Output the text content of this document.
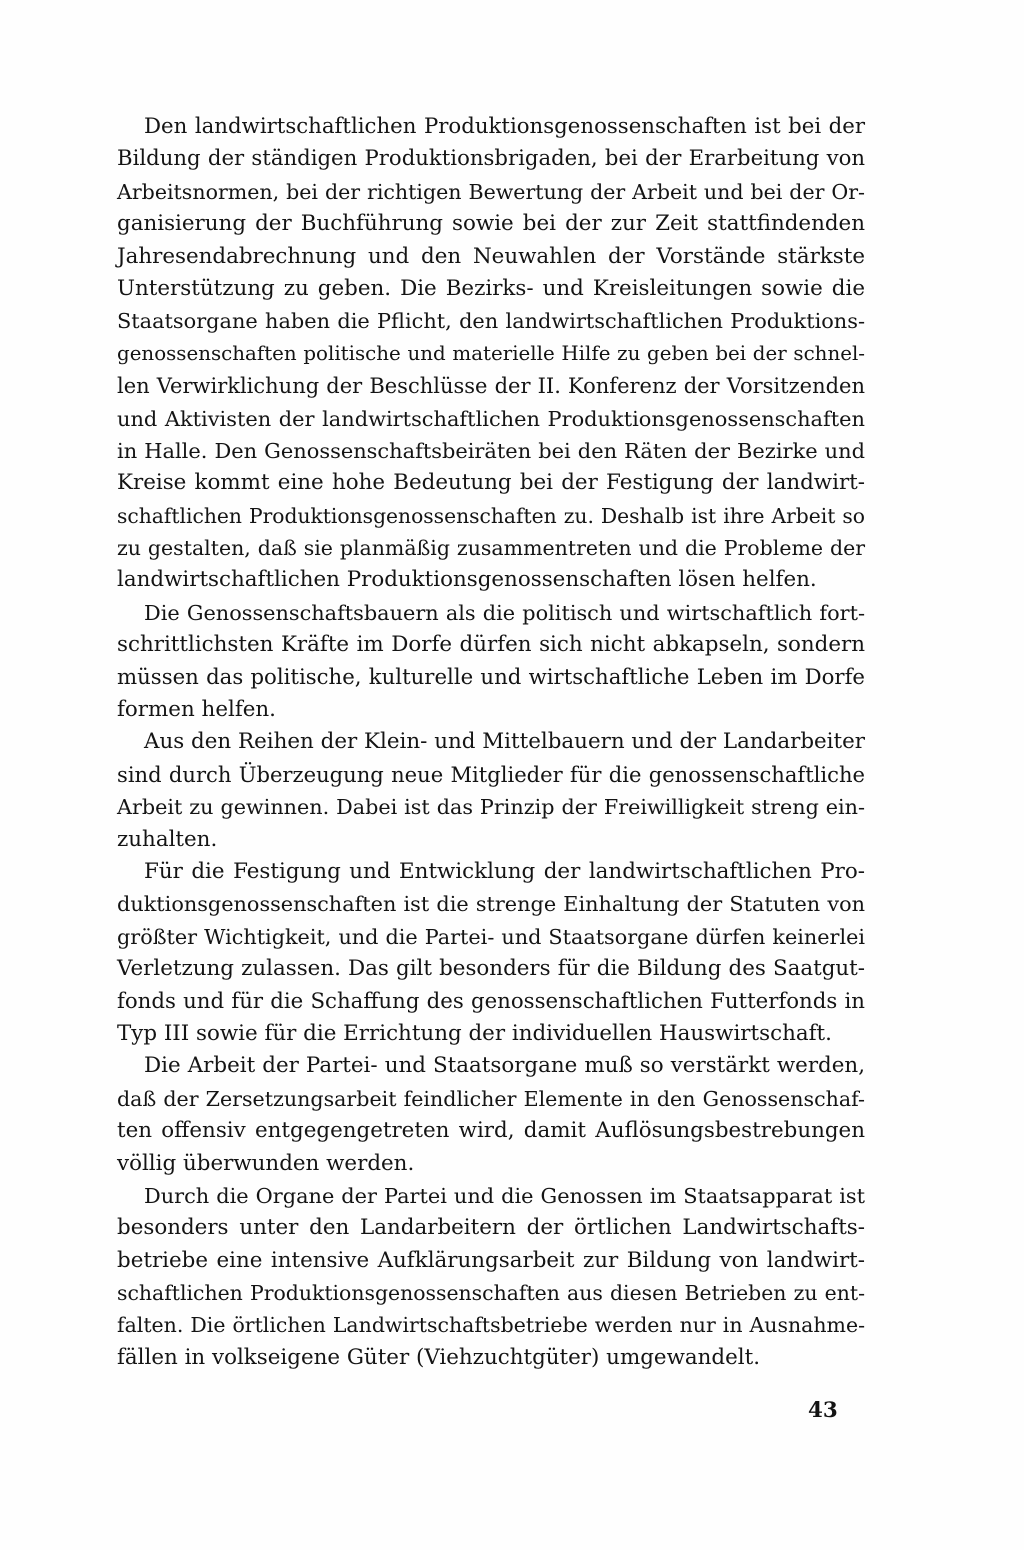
Den landwirtschaftlichen Produktionsgenossenschaften ist bei der
Bildung der ständigen Produktionsbrigaden, bei der Erarbeitung von
Arbeitsnormen, bei der richtigen Bewertung der Arbeit und bei der Or-
ganisierung der Buchführung sowie bei der zur Zeit stattfindenden
Jahresendabrechnung und den Neuwahlen der Vorstände stärkste
Unterstützung zu geben. Die Bezirks- und Kreisleitungen sowie die
Staatsorgane haben die Pflicht, den landwirtschaftlichen Produktions-
genossenschaften politische und materielle Hilfe zu geben bei der schnel-
len Verwirklichung der Beschlüsse der II. Konferenz der Vorsitzenden
und Aktivisten der landwirtschaftlichen Produktionsgenossenschaften
in Halle. Den Genossenschaftsbeiräten bei den Räten der Bezirke und
Kreise kommt eine hohe Bedeutung bei der Festigung der landwirt-
schaftlichen Produktionsgenossenschaften zu. Deshalb ist ihre Arbeit so
zu gestalten, daß sie planmäßig zusammentreten und die Probleme der
landwirtschaftlichen Produktionsgenossenschaften lösen helfen.

Die Genossenschaftsbauern als die politisch und wirtschaftlich fort-
schrittlichsten Kräfte im Dorfe dürfen sich nicht abkapseln, sondern
müssen das politische, kulturelle und wirtschaftliche Leben im Dorfe
formen helfen.

Aus den Reihen der Klein- und Mittelbauern und der Landarbeiter
sind durch Überzeugung neue Mitglieder für die genossenschaftliche
Arbeit zu gewinnen. Dabei ist das Prinzip der Freiwilligkeit streng ein-
zuhalten.

Für die Festigung und Entwicklung der landwirtschaftlichen Pro-
duktionsgenossenschaften ist die strenge Einhaltung der Statuten von
größter Wichtigkeit, und die Partei- und Staatsorgane dürfen keinerlei
Verletzung zulassen. Das gilt besonders für die Bildung des Saatgut-
fonds und für die Schaffung des genossenschaftlichen Futterfonds in
Typ III sowie für die Errichtung der individuellen Hauswirtschaft.

Die Arbeit der Partei- und Staatsorgane muß so verstärkt werden,
daß der Zersetzungsarbeit feindlicher Elemente in den Genossenschaf-
ten offensiv entgegengetreten wird, damit Auflösungsbestrebungen
völlig überwunden werden.

Durch die Organe der Partei und die Genossen im Staatsapparat ist
besonders unter den Landarbeitern der örtlichen Landwirtschafts-
betriebe eine intensive Aufklärungsarbeit zur Bildung von landwirt-
schaftlichen Produktionsgenossenschaften aus diesen Betrieben zu ent-
falten. Die örtlichen Landwirtschaftsbetriebe werden nur in Ausnahme-
fällen in volkseigene Güter (Viehzuchtgüter) umgewandelt.

43
